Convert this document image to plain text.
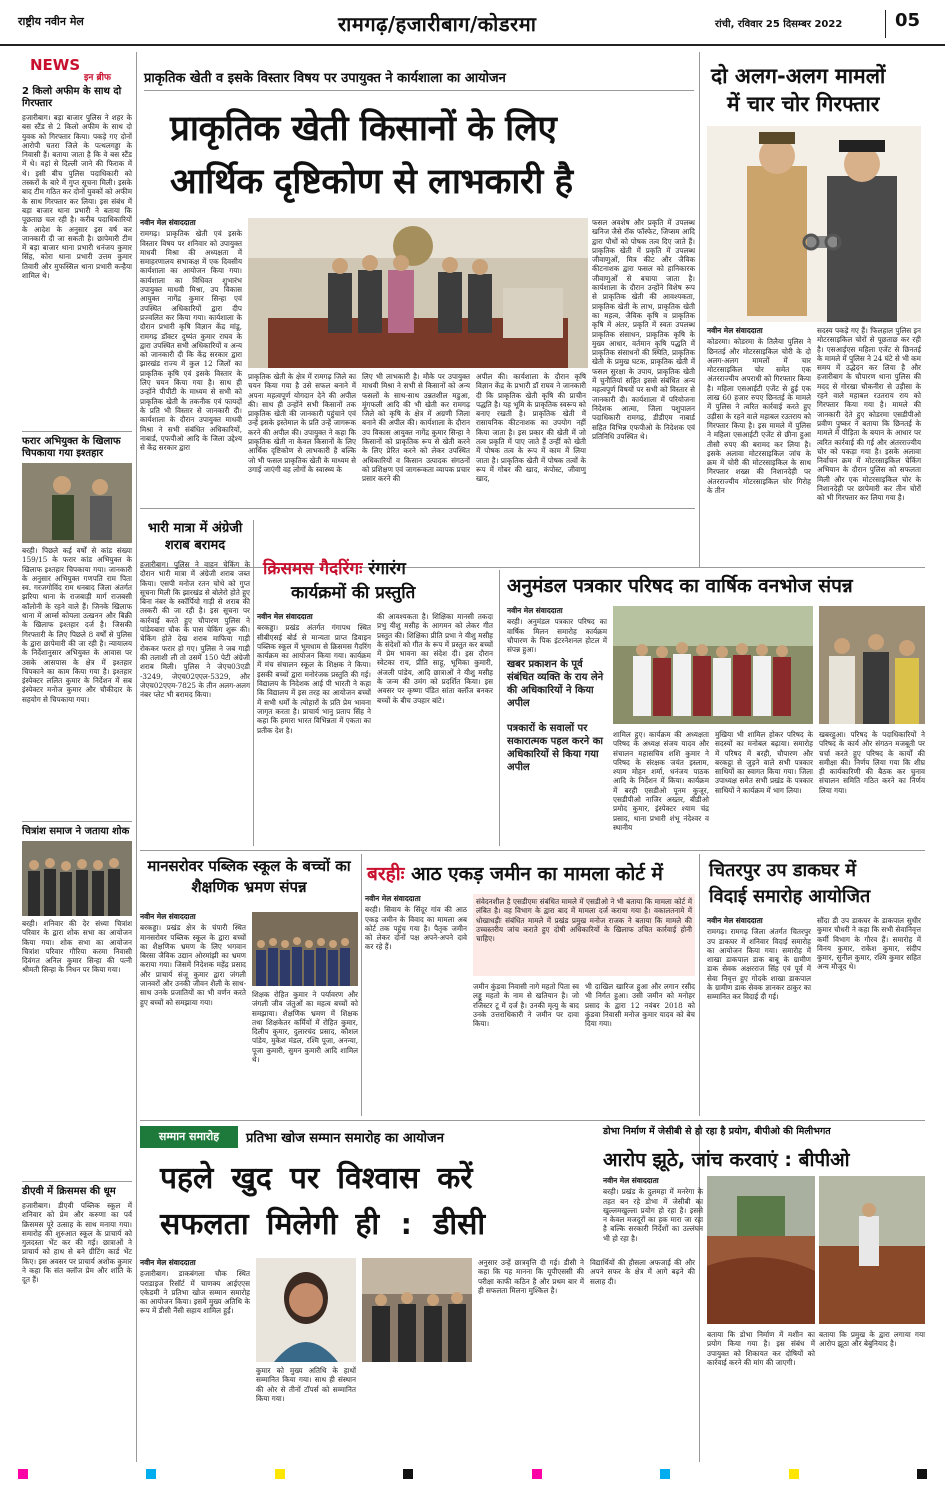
राष्ट्रीय नवीन मेल	रामगढ़/हजारीबाग/कोडरमा	रांची, रविवार 25 दिसम्बर 2022	05
NEWS
इन ब्रीफ
2 किलो अफीम के साथ दो गिरफ्तार
हजारीबाग। बड़ा बाजार पुलिस ने शहर के बस स्टैंड से 2 किलो अफीम के साथ दो युवक को गिरफ्तार किया। पकड़े गए दोनों आरोपी चतरा जिले के पत्थलगड्डा के निवासी हैं। बताया जाता है कि वे बस स्टैंड में थे। वहां से दिल्ली जाने की फिराक में थे। इसी बीच पुलिस पदाधिकारी को तस्करों के बारे में गुप्त सूचना मिली। इसके बाद टीम गठित कर दोनों युवकों को अफीम के साथ गिरफ्तार कर लिया। इस संबंध में बड़ा बाजार थाना प्रभारी ने बताया कि पूछताछ चल रही है। करीब पदाधिकारियों के आदेश के अनुसार इस वर्ष कर जानकारी दी जा सकती है। छापेमारी टीम में बड़ा बाजार थाना प्रभारी धनंजय कुमार सिंह, कोरा थाना प्रभारी उत्तम कुमार तिवारी और मुफस्सिल थाना प्रभारी कन्हैया शामिल थे।
फरार अभियुक्त के खिलाफ चिपकाया गया इश्तहार
बरही। पिछले कई वर्षों से कांड संख्या 159/15 के फरार कांड अभियुक्त के खिलाफ इश्तहार चिपकाया गया। जानकारी के अनुसार अभियुक्त गणपति राम पिता स्व. गरजगोविंद राम धनबाद जिला अंतर्गत झरिया थाना के राजबाड़ी मार्ग राजबसी कॉलोनी के रहने वाले हैं। जिनके खिलाफ थाना में आर्म्स कोयला उत्खनन और बिक्री के खिलाफ इश्तहार दर्ज है। जिसकी गिरफ्तारी के लिए पिछले 8 वर्षों से पुलिस के द्वारा छापेमारी की जा रही है। न्यायालय के निर्देशानुसार अभियुक्त के आवास पर उसके आसपास के क्षेत्र में इश्तहार चिपकाने का काम किया गया है। इश्तहार इंस्पेक्टर ललित कुमार के निर्देशन में सब इंस्पेक्टर मनोज कुमार और चौकीदार के सहयोग से चिपकाया गया।
चित्रांश समाज ने जताया शोक
बरही। शनिवार की देर संध्या चित्रांश परिवार के द्वारा शोक सभा का आयोजन किया गया। शोक सभा का आयोजन चित्रांश परिवार गौरिया करमा निवासी दिवंगत अनिल कुमार सिन्हा की पत्नी श्रीमती सिन्हा के निधन पर किया गया।
डीएवी में क्रिसमस की धूम
हजारीबाग। डीएवी पब्लिक स्कूल में शनिवार को प्रेम और करुणा का पर्व क्रिसमस पूरे उत्साह के साथ मनाया गया। समारोह की शुरुआत स्कूल के प्राचार्य को गुलदस्ता भेंट कर की गई। छात्राओं ने प्राचार्य को हाथ से बने ग्रीटिंग कार्ड भेंट किए। इस अवसर पर प्राचार्य अशोक कुमार ने कहा कि संत क्लॉज प्रेम और शांति के दूत हैं।
प्राकृतिक खेती व इसके विस्तार विषय पर उपायुक्त ने कार्यशाला का आयोजन
प्राकृतिक खेती किसानों के लिए
आर्थिक दृष्टिकोण से लाभकारी है
नवीन मेल संवाददाता
रामगढ़। प्राकृतिक खेती एवं इसके विस्तार विषय पर शनिवार को उपायुक्त माधवी मिश्रा की अध्यक्षता में समाहरणालय सभाकक्ष में एक दिवसीय कार्यशाला का आयोजन किया गया। कार्यशाला का विधिवत शुभारंभ उपायुक्त माधवी मिश्रा, उप विकास आयुक्त नागेंद्र कुमार सिन्हा एवं उपस्थित अधिकारियों द्वारा दीप प्रज्वलित कर किया गया। कार्यशाला के दौरान प्रभारी कृषि विज्ञान केंद्र मांडू, रामगढ़ डॉक्टर दुष्यंत कुमार राघव के द्वारा उपस्थित सभी अधिकारियों व अन्य को जानकारी दी कि केंद्र सरकार द्वारा झारखंड राज्य में कुल 12 जिलों का प्राकृतिक कृषि एवं इसके विस्तार के लिए चयन किया गया है। साथ ही उन्होंने पीपीटी के माध्यम से सभी को प्राकृतिक खेती के तकनीक एवं फायदों के प्रति भी विस्तार से जानकारी दी। कार्यशाला के दौरान उपायुक्त माधवी मिश्रा ने सभी संबंधित अधिकारियों, नाबार्ड, एफपीओ आदि के जिला उद्देश्य से केंद्र सरकार द्वारा
प्राकृतिक खेती के क्षेत्र में रामगढ़ जिले का चयन किया गया है उसे सफल बनाने में अपना महत्वपूर्ण योगदान देने की अपील की। साथ ही उन्होंने सभी किसानों तक प्राकृतिक खेती की जानकारी पहुंचाने एवं उन्हें इसके इस्तेमाल के प्रति उन्हें जागरूक करने की अपील की। उपायुक्त ने कहा कि प्राकृतिक खेती ना केवल किसानों के लिए आर्थिक दृष्टिकोण से लाभकारी है बल्कि जो भी फसल प्राकृतिक खेती के माध्यम से उगाई जाएंगी वह लोगों के स्वास्थ्य के
लिए भी लाभकारी है। मौके पर उपायुक्त माधवी मिश्रा ने सभी से किसानों को अन्य फसलों के साथ-साथ उन्नतशील मडुआ, मूंगफली आदि की भी खेती कर रामगढ़ जिले को कृषि के क्षेत्र में अग्रणी जिला बनाने की अपील की। कार्यशाला के दौरान उप विकास आयुक्त नागेंद्र कुमार सिन्हा ने किसानों को प्राकृतिक रूप से खेती करने के लिए प्रेरित करने को लेकर उपस्थित अधिकारियों व किसान उत्पादक संगठनों को प्रशिक्षण एवं जागरूकता व्यापक प्रचार प्रसार करने की
अपील की। कार्यशाला के दौरान कृषि विज्ञान केंद्र के प्रभारी डॉ राघव ने जानकारी दी कि प्राकृतिक खेती कृषि की प्राचीन पद्धति है। यह भूमि के प्राकृतिक स्वरूप को बनाए रखती है। प्राकृतिक खेती में रासायनिक कीटनाशक का उपयोग नहीं किया जाता है। इस प्रकार की खेती में जो तत्व प्रकृति में पाए जाते हैं उन्हीं को खेती में पोषक तत्व के रूप में काम में लिया जाता है। प्राकृतिक खेती में पोषक तत्वों के रूप में गोबर की खाद, कंपोस्ट, जीवाणु खाद,
फसल अवशेष और प्रकृति में उपलब्ध खनिज जैसे रॉक फॉस्फेट, जिप्सम आदि द्वारा पौधों को पोषक तत्व दिए जाते हैं। प्राकृतिक खेती में प्रकृति में उपलब्ध जीवाणुओं, मित्र कीट और जैविक कीटनाशक द्वारा फसल को हानिकारक जीवाणुओं से बचाया जाता है। कार्यशाला के दौरान उन्होंने विशेष रूप से प्राकृतिक खेती की आवश्यकता, प्राकृतिक खेती के लाभ, प्राकृतिक खेती का महत्व, जैविक कृषि व प्राकृतिक कृषि में अंतर, प्रकृति में स्वतः उपलब्ध प्राकृतिक संसाधन, प्राकृतिक कृषि के मुख्य आधार, वर्तमान कृषि पद्धति में प्राकृतिक संसाधनों की स्थिति, प्राकृतिक खेती के प्रमुख घटक, प्राकृतिक खेती में फसल सुरक्षा के उपाय, प्राकृतिक खेती में चुनौतियां सहित इससे संबंधित अन्य महत्वपूर्ण विषयों पर सभी को विस्तार से जानकारी दी। कार्यशाला में परियोजना निदेशक आत्मा, जिला पशुपालन पदाधिकारी रामगढ़, डीडीएम नाबार्ड सहित विभिन्न एफपीओ के निदेशक एवं प्रतिनिधि उपस्थित थे।
दो अलग-अलग मामलों
में चार चोर गिरफ्तार
नवीन मेल संवाददाता
कोडरमा। कोडरमा के तिलैया पुलिस ने छिनतई और मोटरसाइकिल चोरी के दो अलग-अलग मामलों में चार मोटरसाइकिल चोर समेत एक अंतरराज्यीय अपराधी को गिरफ्तार किया है। महिला एसआईटी एजेंट से हुई एक लाख 60 हजार रुपए छिनतई के मामले में पुलिस ने त्वरित कार्रवाई करते हुए उड़ीसा के रहने वाले महाबल रउतराय को गिरफ्तार किया है। इस मामले में पुलिस ने महिला एसआईटी एजेंट से छीना हुआ तीसौ रुपए की बरामद कर लिया है। इसके अलावा मोटरसाइकिल जांच के क्रम में चोरी की मोटरसाइकिल के साथ गिरफ्तार शख्स की निशानदेही पर अंतरराज्यीय मोटरसाइकिल चोर गिरोह के तीन
सदस्य पकड़े गए हैं। फिलहाल पुलिस इन मोटरसाइकिल चोरों से पूछताछ कर रही है। एसआईएस महिला एजेंट से छिनतई के मामले में पुलिस ने 24 घंटे से भी कम समय में उद्भेदन कर लिया है और हजारीबाग के चौपारण थाना पुलिस की मदद से गोरखा चौकनीरा से उड़ीसा के रहने वाले महाबल रउतराय राय को गिरफ्तार किया गया है। मामले की जानकारी देते हुए कोडरमा एसडीपीओ प्रवीण पुष्कर ने बताया कि छिनतई के मामले में पीड़िता के बयान के आधार पर त्वरित कार्रवाई की गई और अंतरराज्यीय चोर को पकड़ा गया है। इसके अलावा निर्वाचन क्रम में मोटरसाइकिल चेकिंग अभियान के दौरान पुलिस को सफलता मिली और एक मोटरसाइकिल चोर के निशानदेही पर छापेमारी कर तीन चोरों को भी गिरफ्तार कर लिया गया है।
भारी मात्रा में अंग्रेजी शराब बरामद
हजारीबाग। पुलिस ने वाहन चेकिंग के दौरान भारी मात्रा में अंग्रेजी शराब जब्त किया। एसपी मनोज रतन चोथे को गुप्त सूचना मिली कि झारखंड से बोलेरो होते हुए बिना नंबर के स्कॉर्पियो गाड़ी से शराब की तस्करी की जा रही है। इस सूचना पर कार्रवाई करते हुए चौपारण पुलिस ने पांडेयबारा चौक के पास चेकिंग शुरू की। चेकिंग होते देख शराब माफिया गाड़ी रोककर फरार हो गए। पुलिस ने जब गाड़ी की तलाशी ली तो उसमें 150 पेटी अंग्रेजी शराब मिली। पुलिस ने जेएच03एडी -3249, जेएच02एएल-5329, और जेएच02एएम-7825 के तीन अलग-अलग नंबर प्लेट भी बरामद किया।
क्रिसमस गैदरिंगः रंगारंग
कार्यक्रमों की प्रस्तुति
नवीन मेल संवाददाता
बरकड्डा। प्रखंड अंतर्गत गंगापथ स्थित सीबीएसई बोर्ड से मान्यता प्राप्त डिवाइन पब्लिक स्कूल में भूमधाम से क्रिसमस गैदरिंग कार्यक्रम का आयोजन किया गया। कार्यक्रम में मंच संचालन स्कूल के शिक्षक ने किया। इसकी बच्चों द्वारा मनोरंजक प्रस्तुति की गई। विद्यालय के निदेशक आई पी भारती ने कहा कि विद्यालय में इस तरह का आयोजन बच्चों में सभी धर्मों के त्योहारों के प्रति प्रेम भावना जागृत करता है। प्राचार्य भानु प्रताप सिंह ने कहा कि हमारा भारत विभिन्नता में एकता का प्रतीक देश है।
की आवश्यकता है। शिक्षिका मानसी तकदा प्रभु यीशु मसीह के आगमन को लेकर गीत प्रस्तुत की। शिक्षिका प्रीति प्रभा ने यीशु मसीह के संदेशों को गीत के रूप में प्रस्तुत कर बच्चों में प्रेम भावना का संदेश दी। इस दौरान स्वेटका राय, प्रीति साहू, भूमिका कुमारी, अंजली पांडेय, आदि छात्राओं ने यीशु मसीह के जन्म की उमंग को प्रदर्शित किया। इस अवसर पर कृष्णा पंडित सांता क्लॉज बनकर बच्चों के बीच उपहार बांटे।
अनुमंडल पत्रकार परिषद का वार्षिक वनभोज संपन्न
नवीन मेल संवाददाता
बरही। अनुमंडल पत्रकार परिषद का वार्षिक मिलन समारोह कार्यक्रम चौपारण के पिक इंटरनेशनल होटल में संपन्न हुआ।
खबर प्रकाशन के पूर्व संबंधित व्यक्ति के राय लेने की अधिकारियों ने किया अपील
पत्रकारों के सवालों पर सकारात्मक पहल करने का अधिकारियों से किया गया अपील
शामिल हुए। कार्यक्रम की अध्यक्षता परिषद के अध्यक्ष संजय यादव और संचालन महासचिव शशि कुमार ने परिषद के संरक्षक जयंत इस्लाम, श्याम मोहन शर्मा, धनंजय पाठक आदि के निर्देशन में किया। कार्यक्रम में बरही एसडीओ पूनम कुजूर, एसडीपीओ नाजिर अख्तर, बीडीओ प्रमोद कुमार, इंस्पेक्टर श्याम चंद्र प्रसाद, थाना प्रभारी शंभू नंदेश्वर व स्थानीय
मुखिया भी शामिल होकर परिषद के सदस्यों का मनोबल बढ़ाया। समारोह में परिषद में बरही, चौपारण और बरकट्ठा से जुड़ने वाले सभी पत्रकार साथियों का स्वागत किया गया। जिला उपाध्यक्ष समेत सभी प्रखंड के पत्रकार साथियों ने कार्यक्रम में भाग लिया।
खबरहुआ। परिषद के पदाधिकारियों ने परिषद के कार्य और संगठन मजबूती पर चर्चा करते हुए परिषद के कार्यों की समीक्षा की। निर्णय लिया गया कि शीघ्र ही कार्यकारिणी की बैठक कर चुनाव संचालन समिति गठित करने का निर्णय लिया गया।
मानसरोवर पब्लिक स्कूल के बच्चों का शैक्षणिक भ्रमण संपन्न
नवीन मेल संवाददाता
बरकड्डा। प्रखंड क्षेत्र के चंपारी स्थित मानसरोवर पब्लिक स्कूल के द्वारा बच्चों का शैक्षणिक भ्रमण के लिए भगवान बिरसा जैविक उद्यान ओरमांझी का भ्रमण कराया गया। जिसमें निदेशक महेंद्र प्रसाद और प्राचार्य संजू कुमार द्वारा जंगली जानवरों और उनकी जीवन शैली के साथ-साथ उनके प्रजातियों का भी वर्णन करते हुए बच्चों को समझाया गया।
शिक्षक रोहित कुमार ने पर्यावरण और जंगली जीव जंतुओं का महत्व बच्चों को समझाया। शैक्षणिक भ्रमण में शिक्षक तथा शिक्षकेतर कर्मियों में रोहित कुमार, दिलीप कुमार, दुलारचंद प्रसाद, कौशल पांडेय, मुकेश मंडल, रश्मि पूजा, अनन्या, पूजा कुमारी, सुमन कुमारी आदि शामिल थे।
बरहीः आठ एकड़ जमीन का मामला कोर्ट में
नवीन मेल संवाददाता
बरही। सिवाय के सिंदूर गांव की आठ एकड़ जमीन के विवाद का मामला अब कोर्ट तक पहुंच गया है। पैतृक जमीन को लेकर दोनों पक्ष अपने-अपने दावे कर रहे हैं।
संवेदनशील है एसडीएमः संबंधित मामले में एसडीओ ने भी बताया कि मामला कोर्ट में लंबित है। वह विभाग के द्वारा बाद में मामला दर्ज कराया गया है। वकालतनामे में धोखाधड़ीः संबंधित मामले में प्रखंड प्रमुख मनोज राजक ने बताया कि मामले की उच्चस्तरीय जांच कराते हुए दोषी अधिकारियों के खिलाफ उचित कार्रवाई होनी चाहिए।
जमीन कुंडवा निवासी नागे महतो पिता स्व लड्डू महतो के नाम से खतियान है। जो रजिस्टर टू में दर्ज है। उनकी मृत्यु के बाद उनके उत्तराधिकारी ने जमीन पर दावा किया।
भी दाखिल खारिज हुआ और लगान रसीद भी निर्गत हुआ। उसी जमीन को मनोहर प्रसाद के द्वारा 12 नवंबर 2018 को कुंडवा निवासी मनोज कुमार यादव को बेच दिया गया।
चितरपुर उप डाकघर में
विदाई समारोह आयोजित
नवीन मेल संवाददाता
रामगढ़। रामगढ़ जिला अंतर्गत चितरपुर उप डाकघर में शनिवार विदाई समारोह का आयोजन किया गया। समारोह में शाखा डाकपाल डाक बाबू के ग्रामीण डाक सेवक अक्षरराज सिंह एवं पूर्व में सेवा निवृत्त हुए गोदके शाखा डाकपाल के ग्रामीण डाक सेवक ज्ञानकर ठाकुर का सम्मानित कर विदाई दी गई।
सौंदा डी उप डाकघर के डाकपाल सुधीर कुमार चौधरी ने कहा कि सभी सेवानिवृत्त कर्मी विभाग के गौरव हैं। समारोह में विनय कुमार, राकेश कुमार, संदीप कुमार, सुनील कुमार, रश्मि कुमार सहित अन्य मौजूद थे।
सम्मान समारोह	प्रतिभा खोज सम्मान समारोह का आयोजन
पहले खुद पर विश्वास करें
सफलता मिलेगी ही : डीसी
नवीन मेल संवाददाता
हजारीबाग। डाकबंगला चौक स्थित पराडाइज रिसॉर्ट में चाणक्य आईएएस एकेडमी ने प्रतिभा खोज सम्मान समारोह का आयोजन किया। इसमें मुख्य अतिथि के रूप में डीसी नैंसी सहाय शामिल हुईं।
कुमार को मुख्य अतिथि के हाथों सम्मानित किया गया। साथ ही संस्थान की ओर से तीनों टॉपर्स को सम्मानित किया गया।
अनुसार उन्हें छात्रवृत्ति दी गई। डीसी ने कहा कि यह मानना कि यूपीएससी की परीक्षा काफी कठिन है और प्रथम बार में ही सफलता मिलना मुश्किल है।
विद्यार्थियों की हौसला अफजाई की और अपने सफर के क्षेत्र में आगे बढ़ने की सलाह दी।
डोभा निर्माण में जेसीबी से हो रहा है प्रयोग, बीपीओ की मिलीभगत
आरोप झूठे, जांच करवाएं : बीपीओ
नवीन मेल संवाददाता
बरही। प्रखंड के दुलमहा में मनरेगा के तहत बन रहे डोभा में जेसीबी का खुल्लमखुल्ला प्रयोग हो रहा है। इससे न केवल मजदूरों का हक मारा जा रहा है बल्कि सरकारी निर्देशों का उल्लंघन भी हो रहा है।
बताया कि डोभा निर्माण में मशीन का प्रयोग किया गया है। इस संबंध में उपायुक्त को शिकायत कर दोषियों को कार्रवाई करने की मांग की जाएगी।
बताया कि प्रमुख के द्वारा लगाया गया आरोप झूठा और बेबुनियाद है।
